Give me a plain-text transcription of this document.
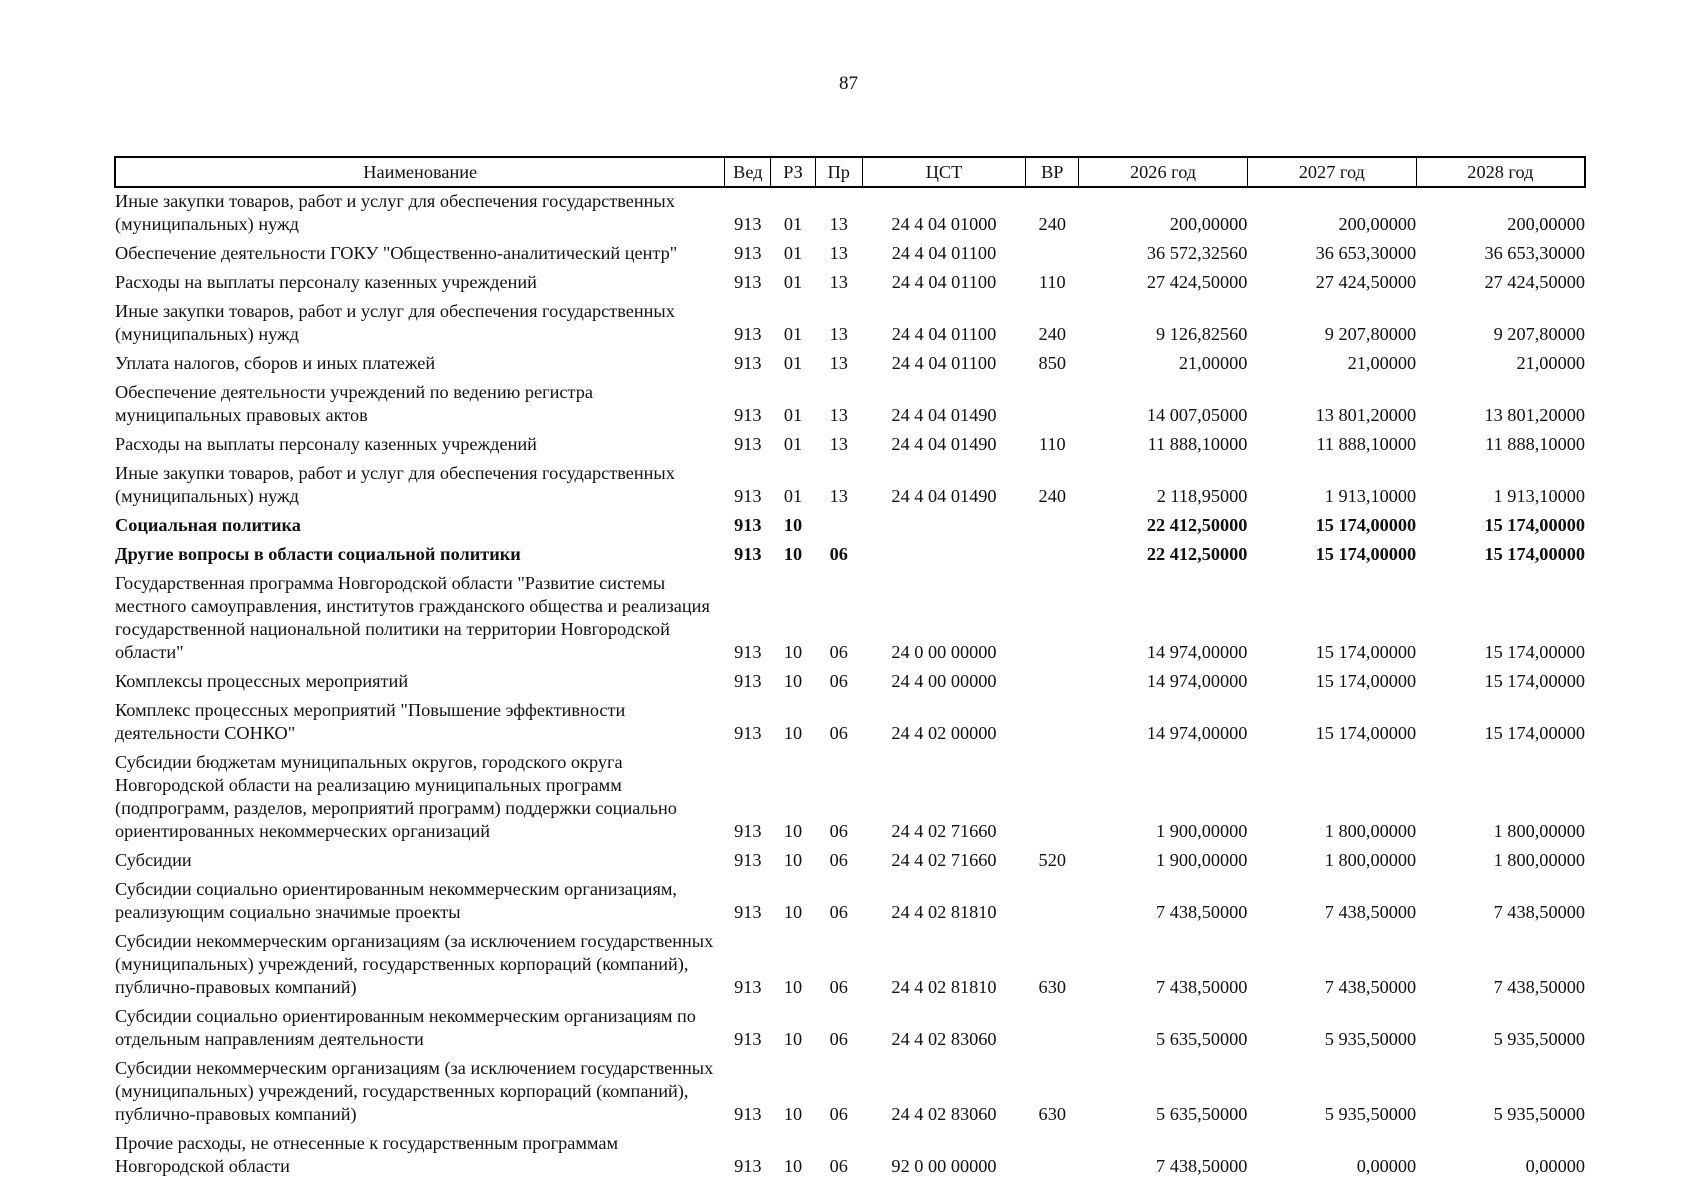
87
Наименование	Вед	РЗ	Пр	ЦСТ	ВР	2026 год	2027 год	2028 год
Иные закупки товаров, работ и услуг для обеспечения государственных (муниципальных) нужд	913	01	13	24 4 04 01000	240	200,00000	200,00000	200,00000
Обеспечение деятельности ГОКУ "Общественно-аналитический центр"	913	01	13	24 4 04 01100		36 572,32560	36 653,30000	36 653,30000
Расходы на выплаты персоналу казенных учреждений	913	01	13	24 4 04 01100	110	27 424,50000	27 424,50000	27 424,50000
Иные закупки товаров, работ и услуг для обеспечения государственных (муниципальных) нужд	913	01	13	24 4 04 01100	240	9 126,82560	9 207,80000	9 207,80000
Уплата налогов, сборов и иных платежей	913	01	13	24 4 04 01100	850	21,00000	21,00000	21,00000
Обеспечение деятельности учреждений по ведению регистра муниципальных правовых актов	913	01	13	24 4 04 01490		14 007,05000	13 801,20000	13 801,20000
Расходы на выплаты персоналу казенных учреждений	913	01	13	24 4 04 01490	110	11 888,10000	11 888,10000	11 888,10000
Иные закупки товаров, работ и услуг для обеспечения государственных (муниципальных) нужд	913	01	13	24 4 04 01490	240	2 118,95000	1 913,10000	1 913,10000
Социальная политика	913	10				22 412,50000	15 174,00000	15 174,00000
Другие вопросы в области социальной политики	913	10	06			22 412,50000	15 174,00000	15 174,00000
Государственная программа Новгородской области "Развитие системы местного самоуправления, институтов гражданского общества и реализация государственной национальной политики на территории Новгородской области"	913	10	06	24 0 00 00000		14 974,00000	15 174,00000	15 174,00000
Комплексы процессных мероприятий	913	10	06	24 4 00 00000		14 974,00000	15 174,00000	15 174,00000
Комплекс процессных мероприятий "Повышение эффективности деятельности СОНКО"	913	10	06	24 4 02 00000		14 974,00000	15 174,00000	15 174,00000
Субсидии бюджетам муниципальных округов, городского округа Новгородской области на реализацию муниципальных программ (подпрограмм, разделов, мероприятий программ) поддержки социально ориентированных некоммерческих организаций	913	10	06	24 4 02 71660		1 900,00000	1 800,00000	1 800,00000
Субсидии	913	10	06	24 4 02 71660	520	1 900,00000	1 800,00000	1 800,00000
Субсидии социально ориентированным некоммерческим организациям, реализующим социально значимые проекты	913	10	06	24 4 02 81810		7 438,50000	7 438,50000	7 438,50000
Субсидии некоммерческим организациям (за исключением государственных (муниципальных) учреждений, государственных корпораций (компаний), публично-правовых компаний)	913	10	06	24 4 02 81810	630	7 438,50000	7 438,50000	7 438,50000
Субсидии социально ориентированным некоммерческим организациям по отдельным направлениям деятельности	913	10	06	24 4 02 83060		5 635,50000	5 935,50000	5 935,50000
Субсидии некоммерческим организациям (за исключением государственных (муниципальных) учреждений, государственных корпораций (компаний), публично-правовых компаний)	913	10	06	24 4 02 83060	630	5 635,50000	5 935,50000	5 935,50000
Прочие расходы, не отнесенные к государственным программам Новгородской области	913	10	06	92 0 00 00000		7 438,50000	0,00000	0,00000
